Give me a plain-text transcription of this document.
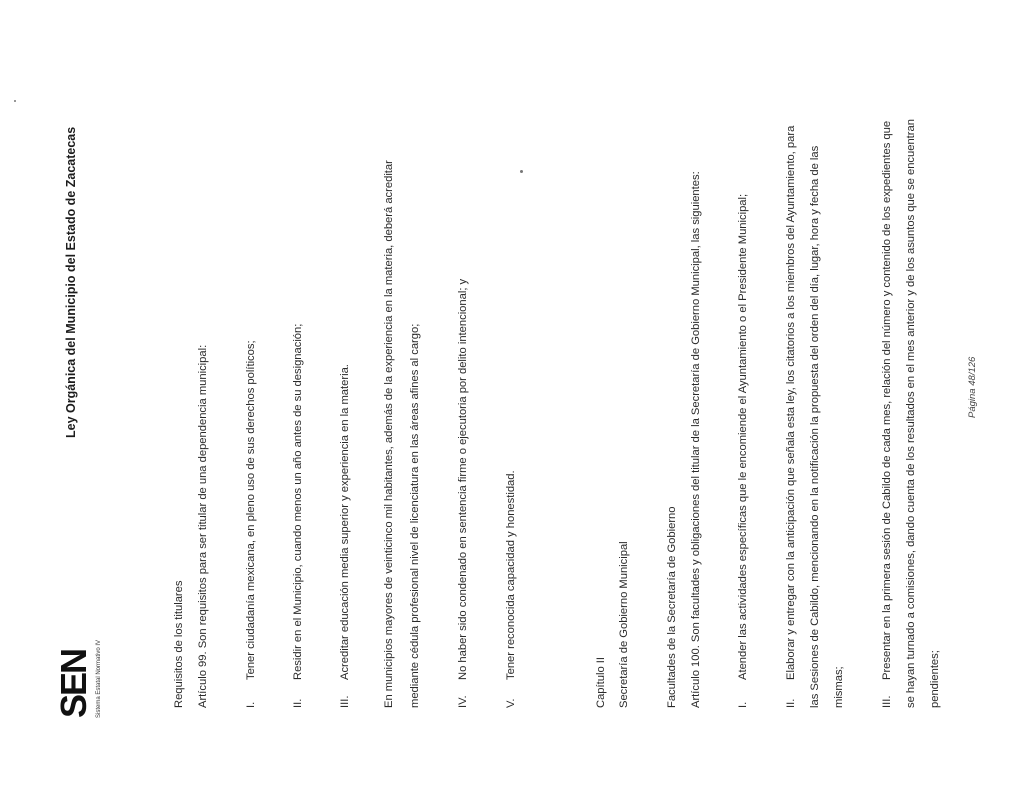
SEN Sistema Estatal Normativo IV
Ley Orgánica del Municipio del Estado de Zacatecas
Requisitos de los titulares Artículo 99. Son requisitos para ser titular de una dependencia municipal:	I.Tener ciudadanía mexicana, en pleno uso de sus derechos políticos;
II.Residir en el Municipio, cuando menos un año antes de su designación;
III.Acreditar educación media superior y experiencia en la materia.	En municipios mayores de veinticinco mil habitantes, además de la experiencia en la materia, deberá acreditar mediante cédula profesional nivel de licenciatura en las áreas afines al cargo;	IV.No haber sido condenado en sentencia firme o ejecutoria por delito intencional; y
V.Tener reconocida capacidad y honestidad.
Capítulo II Secretaría de Gobierno Municipal	Facultades de la Secretaría de Gobierno Artículo 100. Son facultades y obligaciones del titular de la Secretaría de Gobierno Municipal, las siguientes:	I.Atender las actividades específicas que le encomiende el Ayuntamiento o el Presidente Municipal;
II.Elaborar y entregar con la anticipación que señala esta ley, los citatorios a los miembros del Ayuntamiento, para las Sesiones de Cabildo, mencionando en la notificación la propuesta del orden del día, lugar, hora y fecha de las mismas;	III.Presentar en la primera sesión de Cabildo de cada mes, relación del número y contenido de los expedientes que se hayan turnado a comisiones, dando cuenta de los resultados en el mes anterior y de los asuntos que se encuentran pendientes;
Página 48/126
